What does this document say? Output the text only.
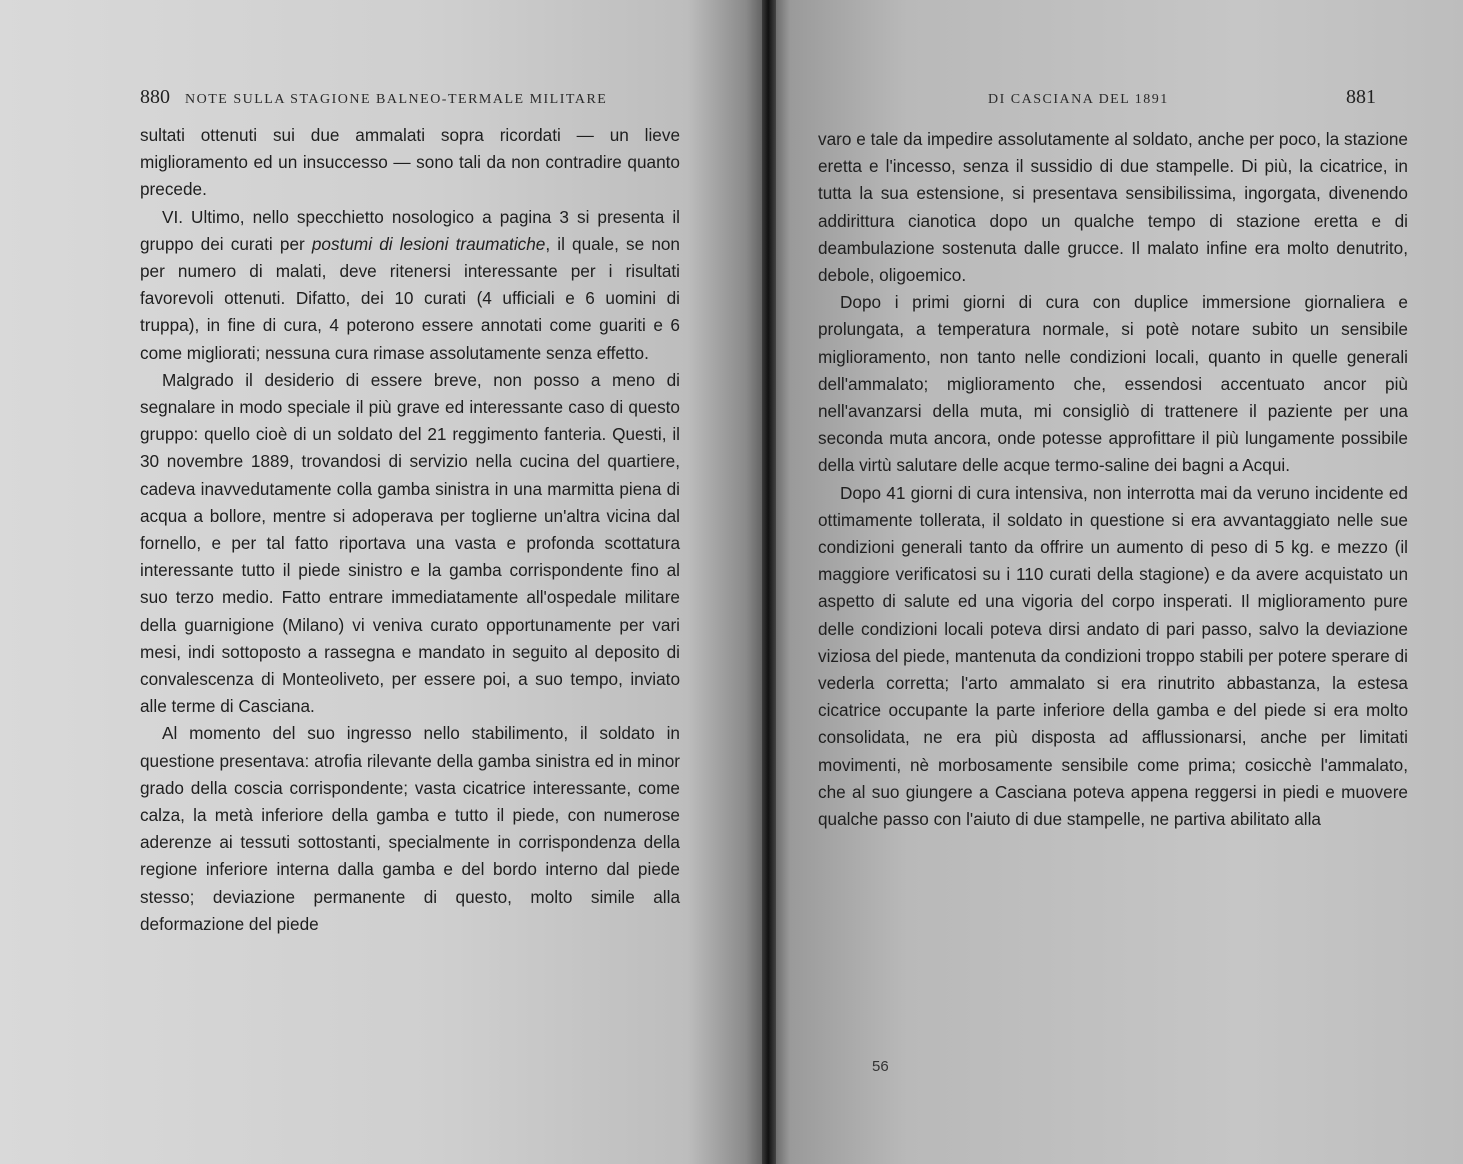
880 NOTE SULLA STAGIONE BALNEO-TERMALE MILITARE

sultati ottenuti sui due ammalati sopra ricordati — un lieve miglioramento ed un insuccesso — sono tali da non contradire quanto precede.

VI. Ultimo, nello specchietto nosologico a pagina 3 si presenta il gruppo dei curati per postumi di lesioni traumatiche, il quale, se non per numero di malati, deve ritenersi interessante per i risultati favorevoli ottenuti. Difatto, dei 10 curati (4 ufficiali e 6 uomini di truppa), in fine di cura, 4 poterono essere annotati come guariti e 6 come migliorati; nessuna cura rimase assolutamente senza effetto.

Malgrado il desiderio di essere breve, non posso a meno di segnalare in modo speciale il più grave ed interessante caso di questo gruppo: quello cioè di un soldato del 21 reggimento fanteria. Questi, il 30 novembre 1889, trovandosi di servizio nella cucina del quartiere, cadeva inavvedutamente colla gamba sinistra in una marmitta piena di acqua a bollore, mentre si adoperava per toglierne un'altra vicina dal fornello, e per tal fatto riportava una vasta e profonda scottatura interessante tutto il piede sinistro e la gamba corrispondente fino al suo terzo medio. Fatto entrare immediatamente all'ospedale militare della guarnigione (Milano) vi veniva curato opportunamente per vari mesi, indi sottoposto a rassegna e mandato in seguito al deposito di convalescenza di Monteoliveto, per essere poi, a suo tempo, inviato alle terme di Casciana.

Al momento del suo ingresso nello stabilimento, il soldato in questione presentava: atrofia rilevante della gamba sinistra ed in minor grado della coscia corrispondente; vasta cicatrice interessante, come calza, la metà inferiore della gamba e tutto il piede, con numerose aderenze ai tessuti sottostanti, specialmente in corrispondenza della regione inferiore interna dalla gamba e del bordo interno dal piede stesso; deviazione permanente di questo, molto simile alla deformazione del piede

DI CASCIANA DEL 1891	881

varo e tale da impedire assolutamente al soldato, anche per poco, la stazione eretta e l'incesso, senza il sussidio di due stampelle. Di più, la cicatrice, in tutta la sua estensione, si presentava sensibilissima, ingorgata, divenendo addirittura cianotica dopo un qualche tempo di stazione eretta e di deambulazione sostenuta dalle grucce. Il malato infine era molto denutrito, debole, oligoemico.

Dopo i primi giorni di cura con duplice immersione giornaliera e prolungata, a temperatura normale, si potè notare subito un sensibile miglioramento, non tanto nelle condizioni locali, quanto in quelle generali dell'ammalato; miglioramento che, essendosi accentuato ancor più nell'avanzarsi della muta, mi consigliò di trattenere il paziente per una seconda muta ancora, onde potesse approfittare il più lungamente possibile della virtù salutare delle acque termo-saline dei bagni a Acqui.

Dopo 41 giorni di cura intensiva, non interrotta mai da veruno incidente ed ottimamente tollerata, il soldato in questione si era avvantaggiato nelle sue condizioni generali tanto da offrire un aumento di peso di 5 kg. e mezzo (il maggiore verificatosi su i 110 curati della stagione) e da avere acquistato un aspetto di salute ed una vigoria del corpo insperati. Il miglioramento pure delle condizioni locali poteva dirsi andato di pari passo, salvo la deviazione viziosa del piede, mantenuta da condizioni troppo stabili per potere sperare di vederla corretta; l'arto ammalato si era rinutrito abbastanza, la estesa cicatrice occupante la parte inferiore della gamba e del piede si era molto consolidata, ne era più disposta ad afflussionarsi, anche per limitati movimenti, nè morbosamente sensibile come prima; cosicchè l'ammalato, che al suo giungere a Casciana poteva appena reggersi in piedi e muovere qualche passo con l'aiuto di due stampelle, ne partiva abilitato alla

56
